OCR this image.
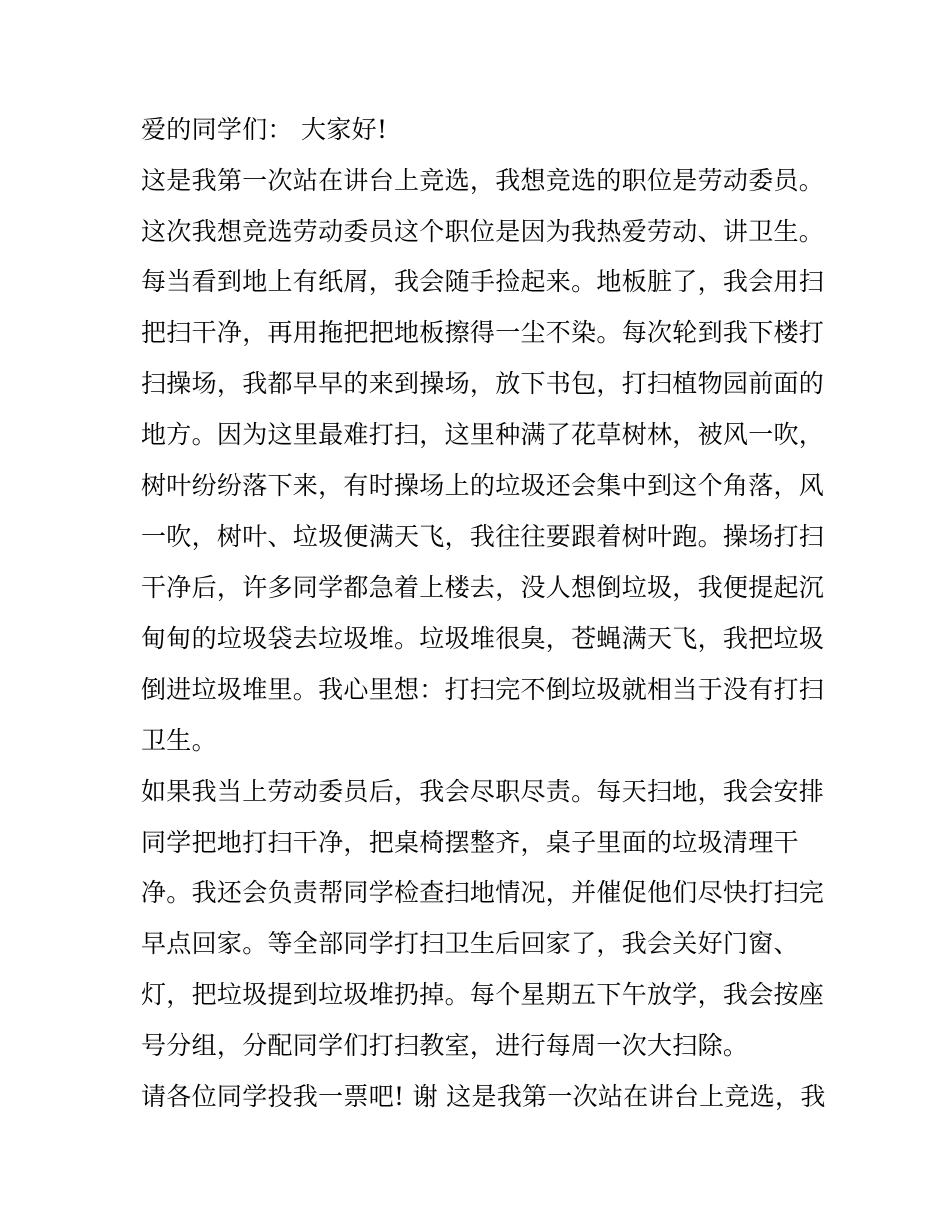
爱的同学们： 大家好!
这是我第一次站在讲台上竞选，我想竞选的职位是劳动委员。
这次我想竞选劳动委员这个职位是因为我热爱劳动、讲卫生。
每当看到地上有纸屑，我会随手捡起来。地板脏了，我会用扫
把扫干净，再用拖把把地板擦得一尘不染。每次轮到我下楼打
扫操场，我都早早的来到操场，放下书包，打扫植物园前面的
地方。因为这里最难打扫，这里种满了花草树林，被风一吹，
树叶纷纷落下来，有时操场上的垃圾还会集中到这个角落，风
一吹，树叶、垃圾便满天飞，我往往要跟着树叶跑。操场打扫
干净后，许多同学都急着上楼去，没人想倒垃圾，我便提起沉
甸甸的垃圾袋去垃圾堆。垃圾堆很臭，苍蝇满天飞，我把垃圾
倒进垃圾堆里。我心里想：打扫完不倒垃圾就相当于没有打扫
卫生。
如果我当上劳动委员后，我会尽职尽责。每天扫地，我会安排
同学把地打扫干净，把桌椅摆整齐，桌子里面的垃圾清理干
净。我还会负责帮同学检查扫地情况，并催促他们尽快打扫完
早点回家。等全部同学打扫卫生后回家了，我会关好门窗、
灯，把垃圾提到垃圾堆扔掉。每个星期五下午放学，我会按座
号分组，分配同学们打扫教室，进行每周一次大扫除。
请各位同学投我一票吧! 谢 这是我第一次站在讲台上竞选，我
